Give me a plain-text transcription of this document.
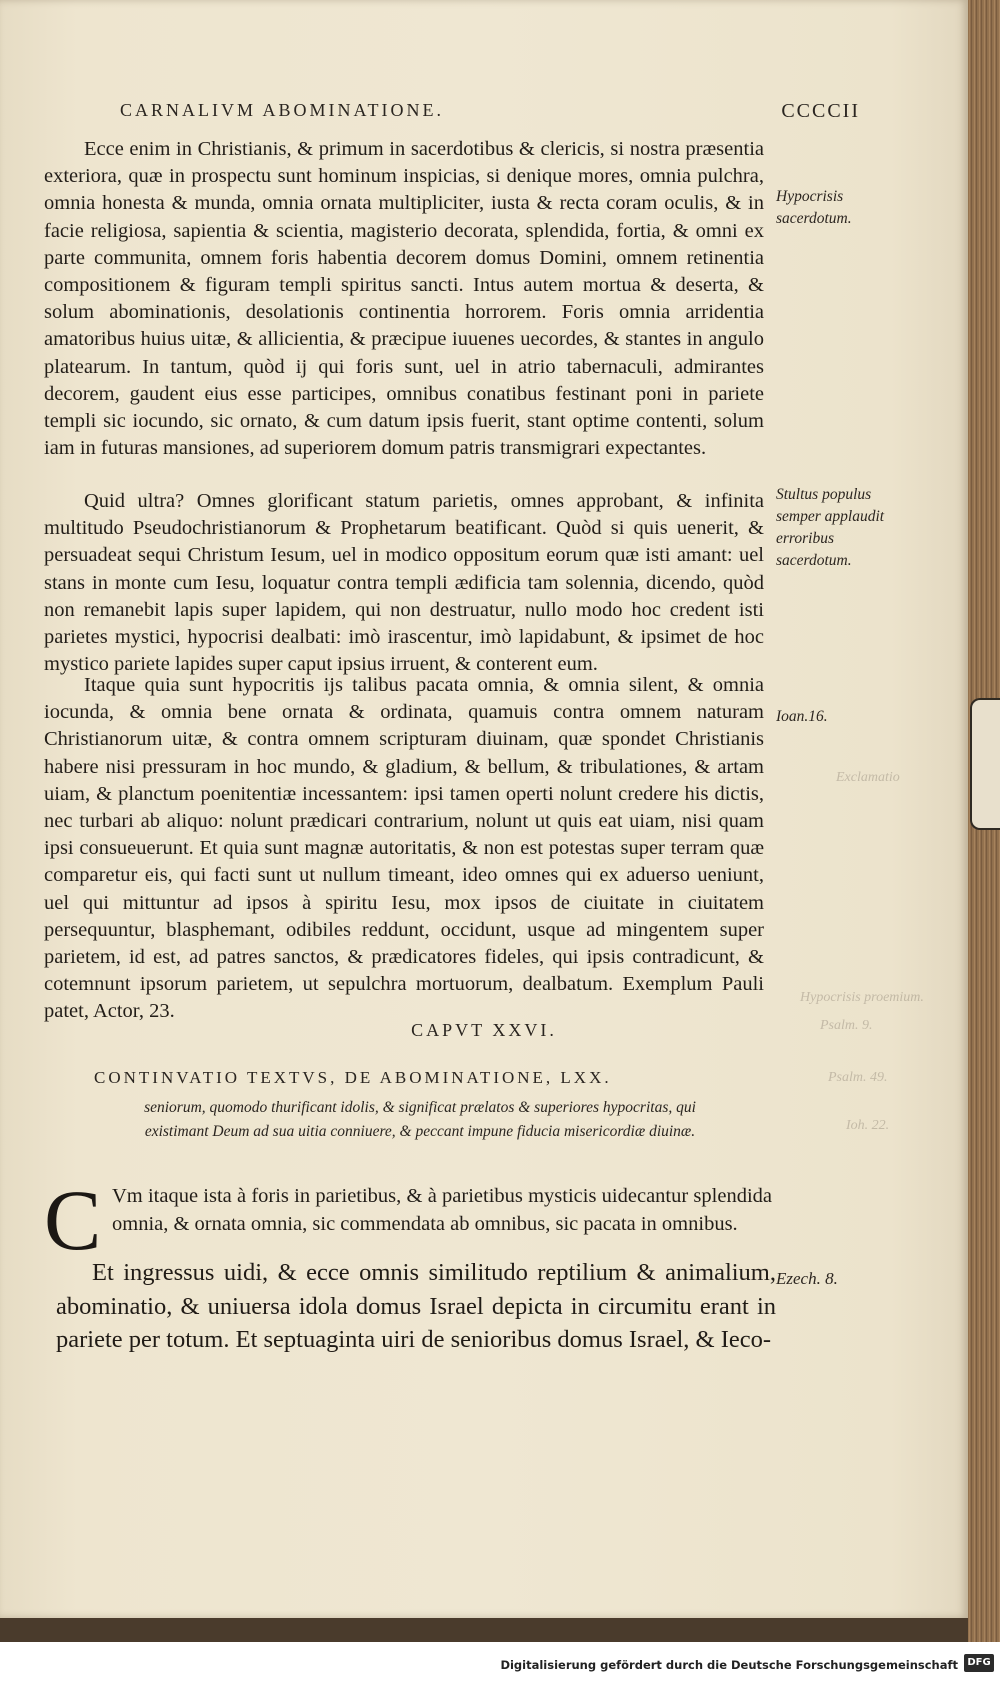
Hypocrisis proemium.
Psalm. 9.
Psalm. 49.
Ioh. 22.
Exclamatio
CARNALIVM ABOMINATIONE.	CCCCII
Ecce enim in Christianis, & primum in sacerdotibus & clericis, si nostra præsentia exteriora, quæ in prospectu sunt hominum inspicias, si denique mores, omnia pulchra, omnia honesta & munda, omnia ornata multipliciter, iusta & recta coram oculis, & in facie religiosa, sapientia & scientia, magisterio decorata, splendida, fortia, & omni ex parte communita, omnem foris habentia decorem domus Domini, omnem retinentia compositionem & figuram templi spiritus sancti. Intus autem mortua & deserta, & solum abominationis, desolationis continentia horrorem. Foris omnia arridentia amatoribus huius uitæ, & allicientia, & præcipue iuuenes uecordes, & stantes in angulo platearum. In tantum, quòd ij qui foris sunt, uel in atrio tabernaculi, admirantes decorem, gaudent eius esse participes, omnibus conatibus festinant poni in pariete templi sic iocundo, sic ornato, & cum datum ipsis fuerit, stant optime contenti, solum iam in futuras mansiones, ad superiorem domum patris transmigrari expectantes.
Hypocrisis sacerdotum.
Quid ultra? Omnes glorificant statum parietis, omnes approbant, & infinita multitudo Pseudochristianorum & Prophetarum beatificant. Quòd si quis uenerit, & persuadeat sequi Christum Iesum, uel in modico oppositum eorum quæ isti amant: uel stans in monte cum Iesu, loquatur contra templi ædificia tam solennia, dicendo, quòd non remanebit lapis super lapidem, qui non destruatur, nullo modo hoc credent isti parietes mystici, hypocrisi dealbati: imò irascentur, imò lapidabunt, & ipsimet de hoc mystico pariete lapides super caput ipsius irruent, & conterent eum.
Stultus populus semper applaudit erroribus sacerdotum.
Itaque quia sunt hypocritis ijs talibus pacata omnia, & omnia silent, & omnia iocunda, & omnia bene ornata & ordinata, quamuis contra omnem naturam Christianorum uitæ, & contra omnem scripturam diuinam, quæ spondet Christianis habere nisi pressuram in hoc mundo, & gladium, & bellum, & tribulationes, & artam uiam, & planctum poenitentiæ incessantem: ipsi tamen operti nolunt credere his dictis, nec turbari ab aliquo: nolunt prædicari contrarium, nolunt ut quis eat uiam, nisi quam ipsi consueuerunt. Et quia sunt magnæ autoritatis, & non est potestas super terram quæ comparetur eis, qui facti sunt ut nullum timeant, ideo omnes qui ex aduerso ueniunt, uel qui mittuntur ad ipsos à spiritu Iesu, mox ipsos de ciuitate in ciuitatem persequuntur, blasphemant, odibiles reddunt, occidunt, usque ad mingentem super parietem, id est, ad patres sanctos, & prædicatores fideles, qui ipsis contradicunt, & cotemnunt ipsorum parietem, ut sepulchra mortuorum, dealbatum. Exemplum Pauli patet, Actor, 23.
Ioan.16.
CAPVT XXVI.
CONTINVATIO TEXTVS, DE ABOMINATIONE, LXX.
seniorum, quomodo thurificant idolis, & significat prælatos & superiores hypocritas, qui existimant Deum ad sua uitia conniuere, & peccant impune fiducia misericordiæ diuinæ.
C Vm itaque ista à foris in parietibus, & à parietibus mysticis uidecantur splendida omnia, & ornata omnia, sic commendata ab omnibus, sic pacata in omnibus.
Et ingressus uidi, & ecce omnis similitudo reptilium & animalium, abominatio, & uniuersa idola domus Israel depicta in circumitu erant in pariete per totum. Et septuaginta uiri de senioribus domus Israel, & Ieco-
Ezech. 8.
Digitalisierung gefördert durch die Deutsche Forschungsgemeinschaft DFG
